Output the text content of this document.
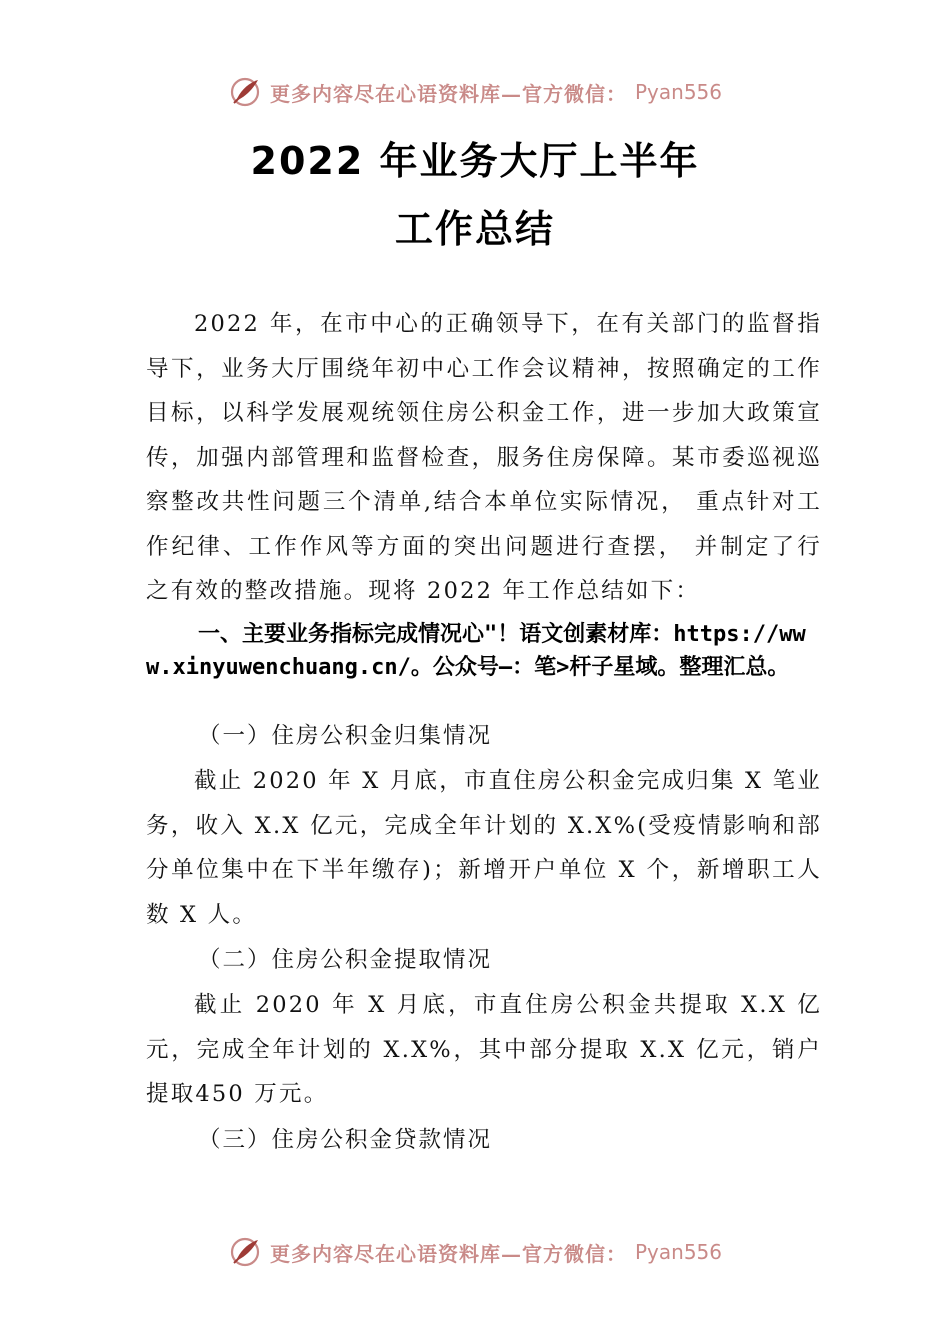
更多内容尽在心语资料库—官方微信： Pyan556
2022 年业务大厅上半年
工作总结
2022 年，在市中心的正确领导下，在有关部门的监督指导下，业务大厅围绕年初中心工作会议精神，按照确定的工作目标，以科学发展观统领住房公积金工作，进一步加大政策宣传，加强内部管理和监督检查，服务住房保障。某市委巡视巡察整改共性问题三个清单,结合本单位实际情况， 重点针对工作纪律、工作作风等方面的突出问题进行查摆， 并制定了行之有效的整改措施。现将 2022 年工作总结如下：
一、主要业务指标完成情况心"！语文创素材库：https://www.xinyuwenchuang.cn/。公众号—：笔>杆子星域。整理汇总。
（一）住房公积金归集情况
截止 2020 年 X 月底，市直住房公积金完成归集 X 笔业务，收入 X.X 亿元，完成全年计划的 X.X%(受疫情影响和部分单位集中在下半年缴存)；新增开户单位 X 个，新增职工人数 X 人。
（二）住房公积金提取情况
截止 2020 年 X 月底，市直住房公积金共提取 X.X 亿元，完成全年计划的 X.X%，其中部分提取 X.X 亿元，销户提取450 万元。
（三）住房公积金贷款情况
更多内容尽在心语资料库—官方微信： Pyan556
